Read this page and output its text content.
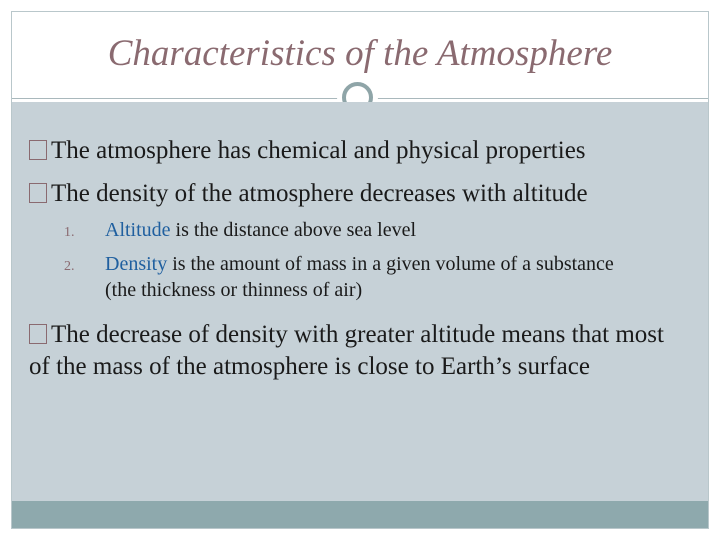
Characteristics of the Atmosphere
The atmosphere has chemical and physical properties
The density of the atmosphere decreases with altitude
1. Altitude is the distance above sea level
2. Density is the amount of mass in a given volume of a substance (the thickness or thinness of air)
The decrease of density with greater altitude means that most of the mass of the atmosphere is close to Earth’s surface
